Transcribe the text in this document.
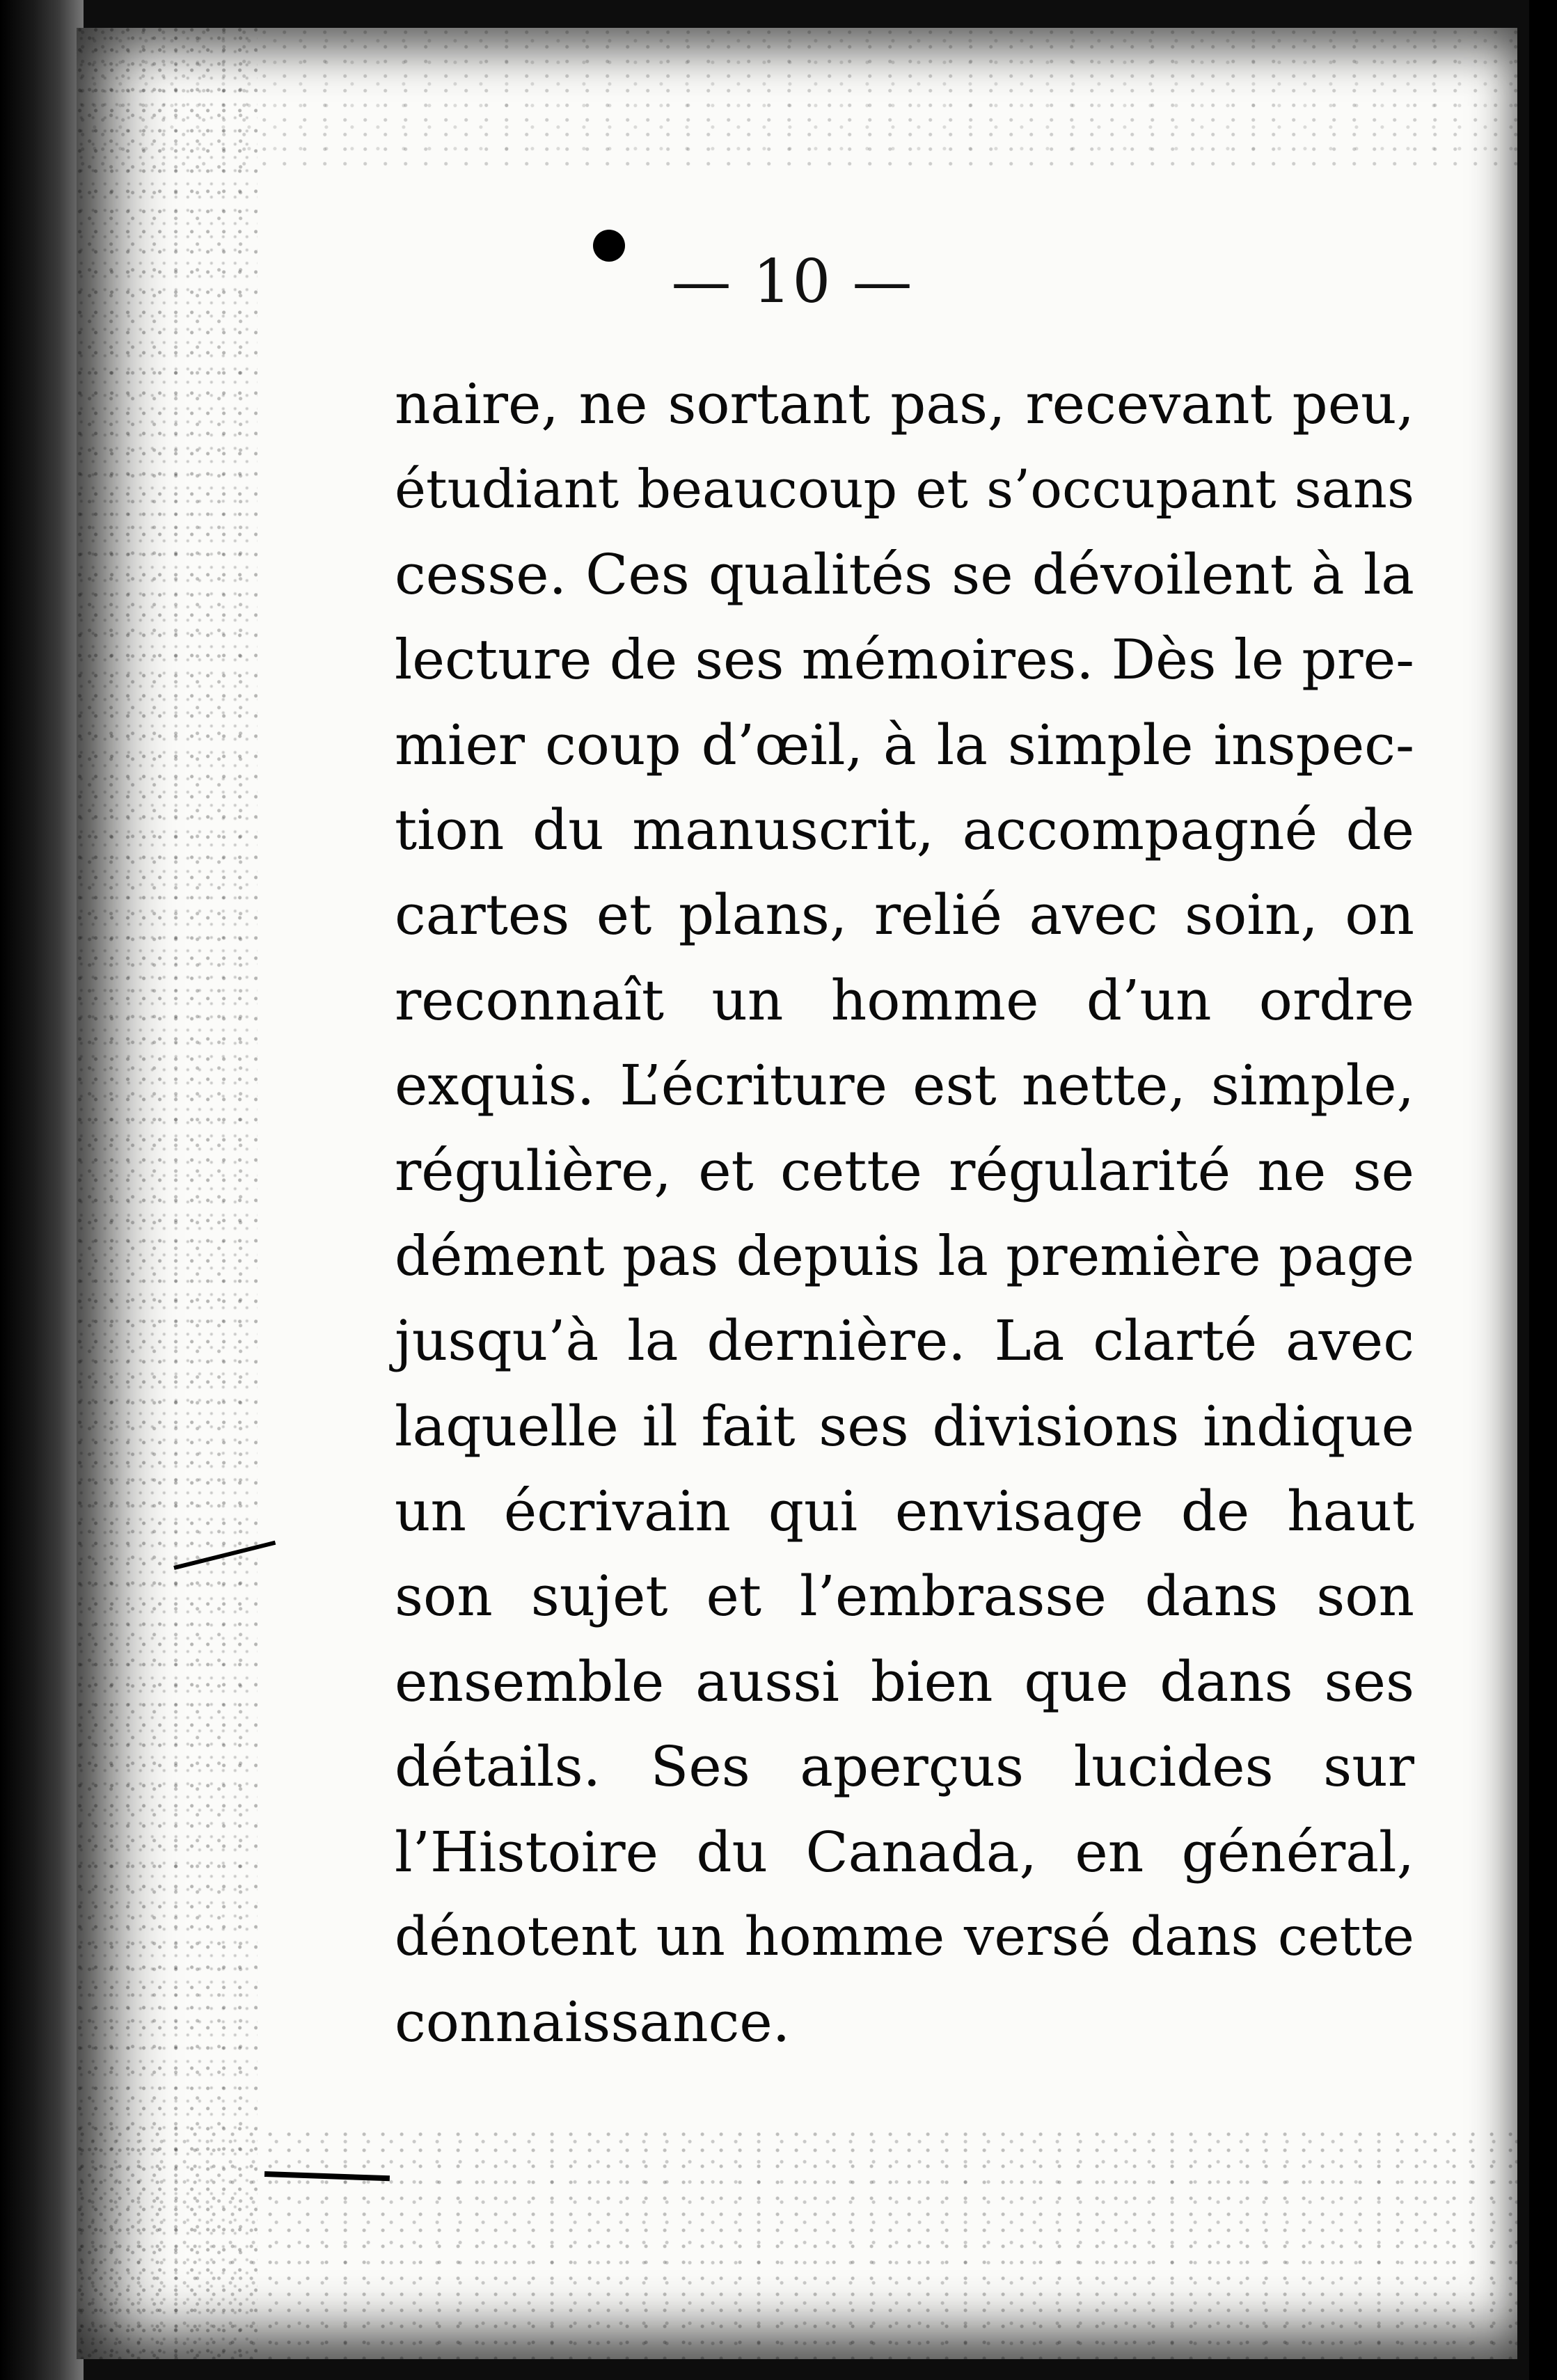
— 10 —
naire, ne sortant pas, recevant peu,
étudiant beaucoup et s’occupant sans
cesse. Ces qualités se dévoilent à la
lecture de ses mémoires. Dès le pre-
mier coup d’œil, à la simple inspec-
tion du manuscrit, accompagné de
cartes et plans, relié avec soin, on
reconnaît un homme d’un ordre
exquis. L’écriture est nette, simple,
régulière, et cette régularité ne se
dément pas depuis la première page
jusqu’à la dernière. La clarté avec
laquelle il fait ses divisions indique
un écrivain qui envisage de haut
son sujet et l’embrasse dans son
ensemble aussi bien que dans ses
détails. Ses aperçus lucides sur
l’Histoire du Canada, en général,
dénotent un homme versé dans cette
connaissance.
